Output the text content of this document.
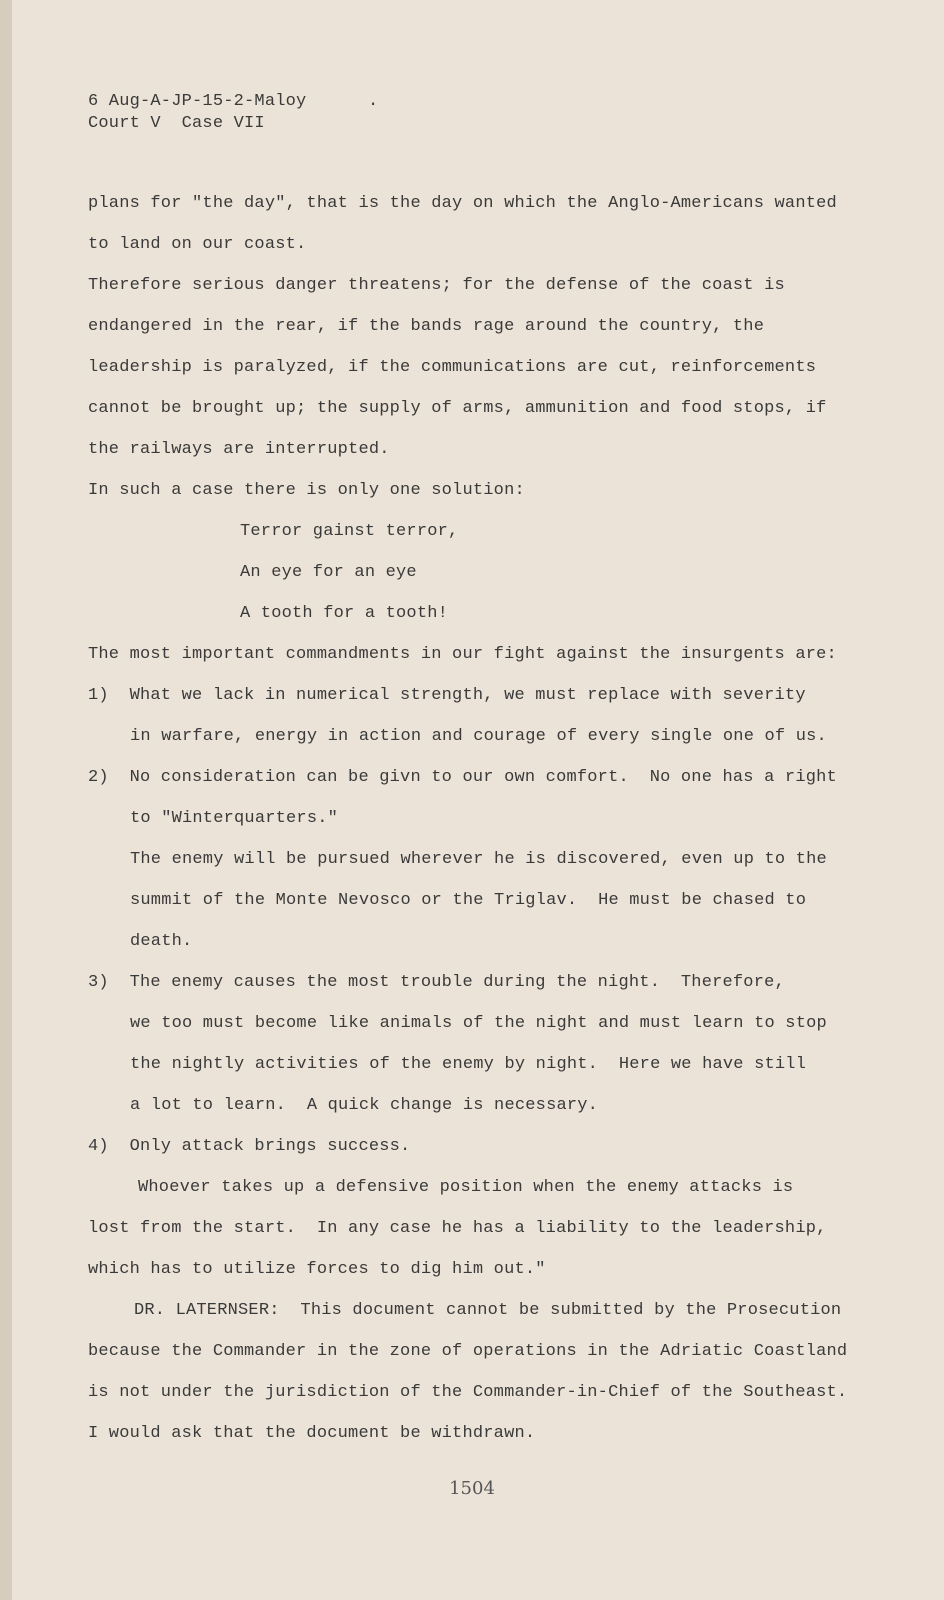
6 Aug-A-JP-15-2-Maloy	.
Court V  Case VII
plans for "the day", that is the day on which the Anglo-Americans wanted
to land on our coast.
Therefore serious danger threatens; for the defense of the coast is
endangered in the rear, if the bands rage around the country, the
leadership is paralyzed, if the communications are cut, reinforcements
cannot be brought up; the supply of arms, ammunition and food stops, if
the railways are interrupted.
In such a case there is only one solution:
Terror gainst terror,
An eye for an eye
A tooth for a tooth!
The most important commandments in our fight against the insurgents are:
1)  What we lack in numerical strength, we must replace with severity
in warfare, energy in action and courage of every single one of us.
2)  No consideration can be givn to our own comfort.  No one has a right
to "Winterquarters."
The enemy will be pursued wherever he is discovered, even up to the
summit of the Monte Nevosco or the Triglav.  He must be chased to
death.
3)  The enemy causes the most trouble during the night.  Therefore,
we too must become like animals of the night and must learn to stop
the nightly activities of the enemy by night.  Here we have still
a lot to learn.  A quick change is necessary.
4)  Only attack brings success.
Whoever takes up a defensive position when the enemy attacks is
lost from the start.  In any case he has a liability to the leadership,
which has to utilize forces to dig him out."
DR. LATERNSER:  This document cannot be submitted by the Prosecution
because the Commander in the zone of operations in the Adriatic Coastland
is not under the jurisdiction of the Commander-in-Chief of the Southeast.
I would ask that the document be withdrawn.
1504
